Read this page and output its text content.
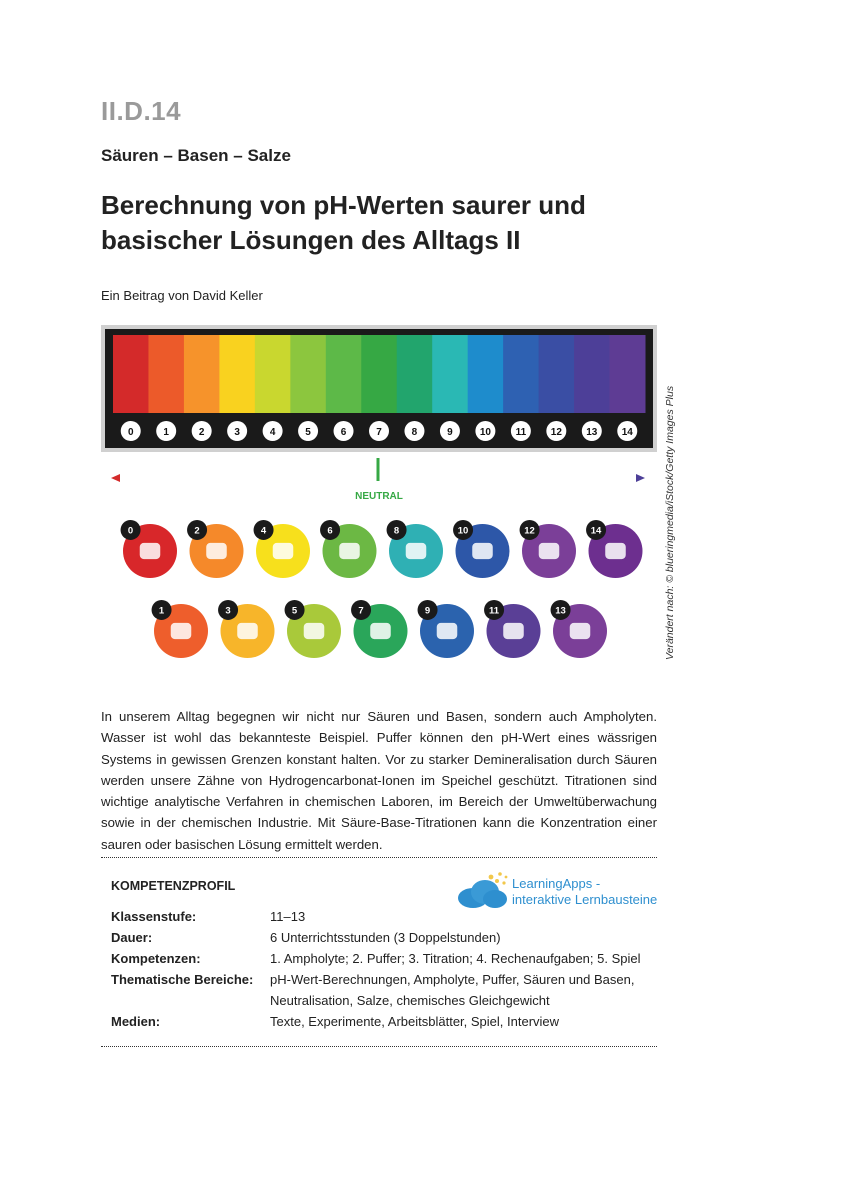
II.D.14
Säuren – Basen – Salze
Berechnung von pH-Werten saurer und
basischer Lösungen des Alltags II
Ein Beitrag von David Keller
0	1	2	3	4	5	6	7	8	9	10 11 12 13 14
NEUTRAL
0	2	4	6	8	10	12	14
1	3	5	7	9	11	13	Verändert nach: © blueringmedia/iStock/Getty Images Plus
In unserem Alltag begegnen wir nicht nur Säuren und Basen, sondern auch Ampholyten. Wasser ist wohl das bekannteste Beispiel. Puffer können den pH-Wert eines wässrigen Systems in gewissen Grenzen konstant halten. Vor zu starker Demineralisation durch Säuren werden unsere Zähne von Hydrogencarbonat-Ionen im Speichel geschützt. Titrationen sind wichtige analytische Verfahren in chemischen Laboren, im Bereich der Umweltüberwachung sowie in der chemischen Industrie. Mit Säure-Base-Titrationen kann die Konzentration einer sauren oder basischen Lösung ermittelt werden.
KOMPETENZPROFIL	LearningApps -
interaktive Lernbausteine
Klassenstufe:	11–13
Dauer:	6 Unterrichtsstunden (3 Doppelstunden)
Kompetenzen:	1. Ampholyte; 2. Puffer; 3. Titration; 4. Rechenaufgaben; 5. Spiel
Thematische Bereiche:	pH-Wert-Berechnungen, Ampholyte, Puffer, Säuren und Basen, Neutralisation, Salze, chemisches Gleichgewicht
Medien:	Texte, Experimente, Arbeitsblätter, Spiel, Interview
